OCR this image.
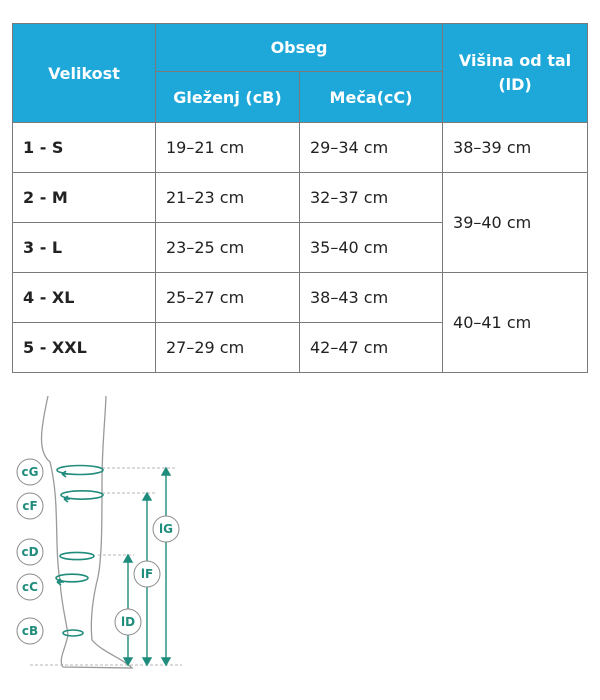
Velikost	Obseg		Višina od tal (lD)
	Gleženj (cB)	Meča(cC)	
1 - S	19–21 cm	29–34 cm	38–39 cm
2 - M	21–23 cm	32–37 cm	39–40 cm
3 - L	23–25 cm	35–40 cm	
4 - XL	25–27 cm	38–43 cm	40–41 cm
5 - XXL	27–29 cm	42–47 cm	
cG
cF
cD
cC
cB
lG
lF
lD
